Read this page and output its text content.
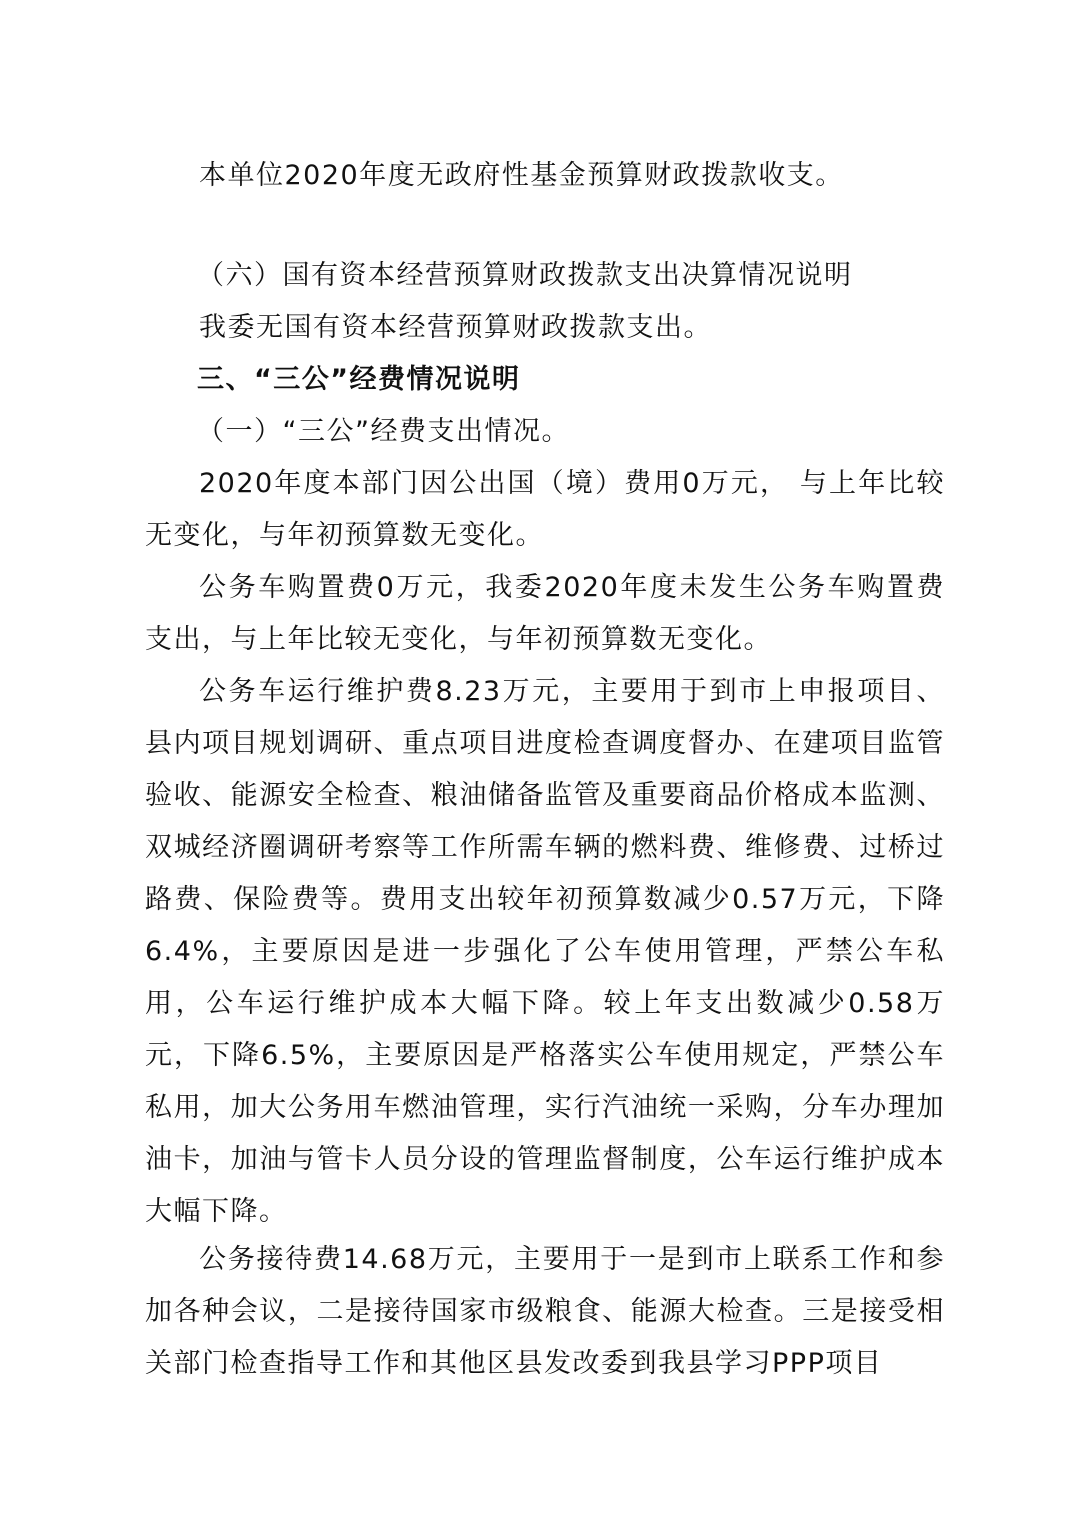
本单位2020年度无政府性基金预算财政拨款收支。

（六）国有资本经营预算财政拨款支出决算情况说明

我委无国有资本经营预算财政拨款支出。

三、“三公”经费情况说明

（一）“三公”经费支出情况。

2020年度本部门因公出国（境）费用0万元， 与上年比较无变化，与年初预算数无变化。

公务车购置费0万元，我委2020年度未发生公务车购置费支出，与上年比较无变化，与年初预算数无变化。

公务车运行维护费8.23万元，主要用于到市上申报项目、县内项目规划调研、重点项目进度检查调度督办、在建项目监管验收、能源安全检查、粮油储备监管及重要商品价格成本监测、双城经济圈调研考察等工作所需车辆的燃料费、维修费、过桥过路费、保险费等。费用支出较年初预算数减少0.57万元，下降6.4%，主要原因是进一步强化了公车使用管理，严禁公车私用，公车运行维护成本大幅下降。较上年支出数减少0.58万元，下降6.5%，主要原因是严格落实公车使用规定，严禁公车私用，加大公务用车燃油管理，实行汽油统一采购，分车办理加油卡，加油与管卡人员分设的管理监督制度，公车运行维护成本大幅下降。

公务接待费14.68万元，主要用于一是到市上联系工作和参加各种会议，二是接待国家市级粮食、能源大检查。三是接受相关部门检查指导工作和其他区县发改委到我县学习PPP项目
